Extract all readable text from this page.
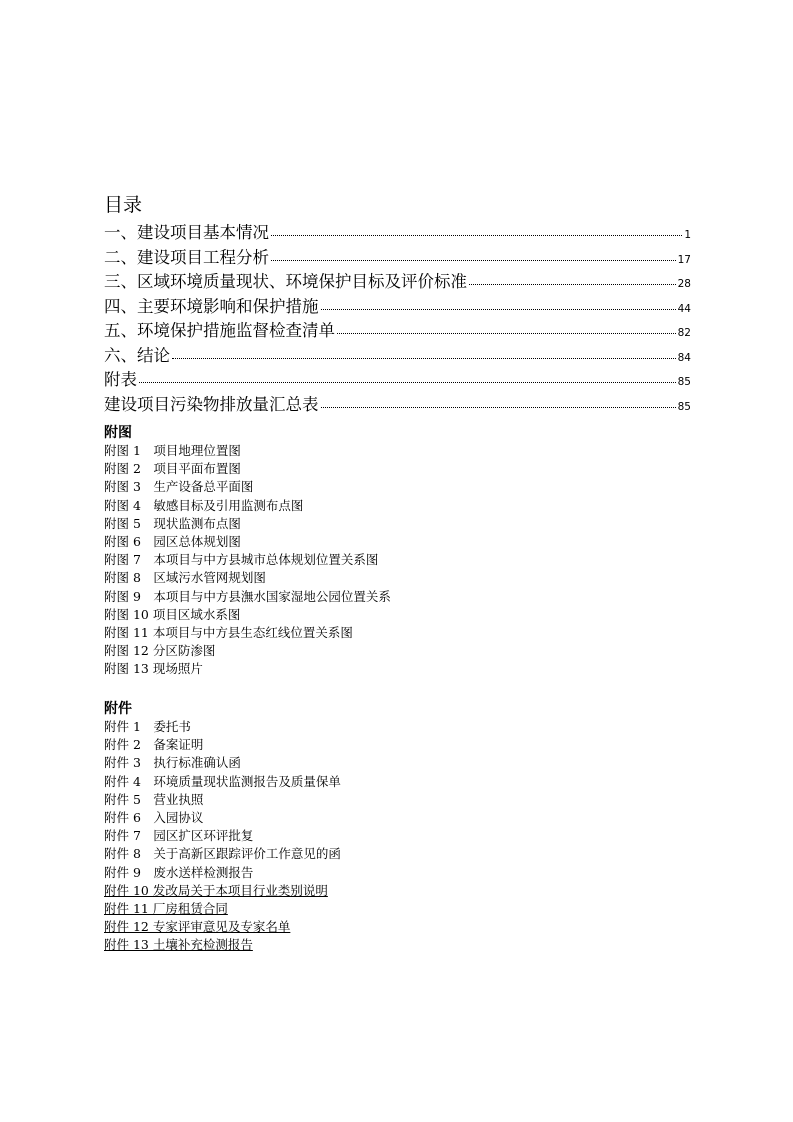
目录
一、建设项目基本情况	1
二、建设项目工程分析	17
三、区域环境质量现状、环境保护目标及评价标准	28
四、主要环境影响和保护措施	44
五、环境保护措施监督检查清单	82
六、结论	84
附表	85
建设项目污染物排放量汇总表	85
附图
附图 1　项目地理位置图
附图 2　项目平面布置图
附图 3　生产设备总平面图
附图 4　敏感目标及引用监测布点图
附图 5　现状监测布点图
附图 6　园区总体规划图
附图 7　本项目与中方县城市总体规划位置关系图
附图 8　区域污水管网规划图
附图 9　本项目与中方县潕水国家湿地公园位置关系
附图 10 项目区域水系图
附图 11 本项目与中方县生态红线位置关系图
附图 12 分区防渗图
附图 13 现场照片
附件
附件 1　委托书
附件 2　备案证明
附件 3　执行标准确认函
附件 4　环境质量现状监测报告及质量保单
附件 5　营业执照
附件 6　入园协议
附件 7　园区扩区环评批复
附件 8　关于高新区跟踪评价工作意见的函
附件 9　废水送样检测报告
附件 10 发改局关于本项目行业类别说明
附件 11 厂房租赁合同
附件 12 专家评审意见及专家名单
附件 13 土壤补充检测报告
